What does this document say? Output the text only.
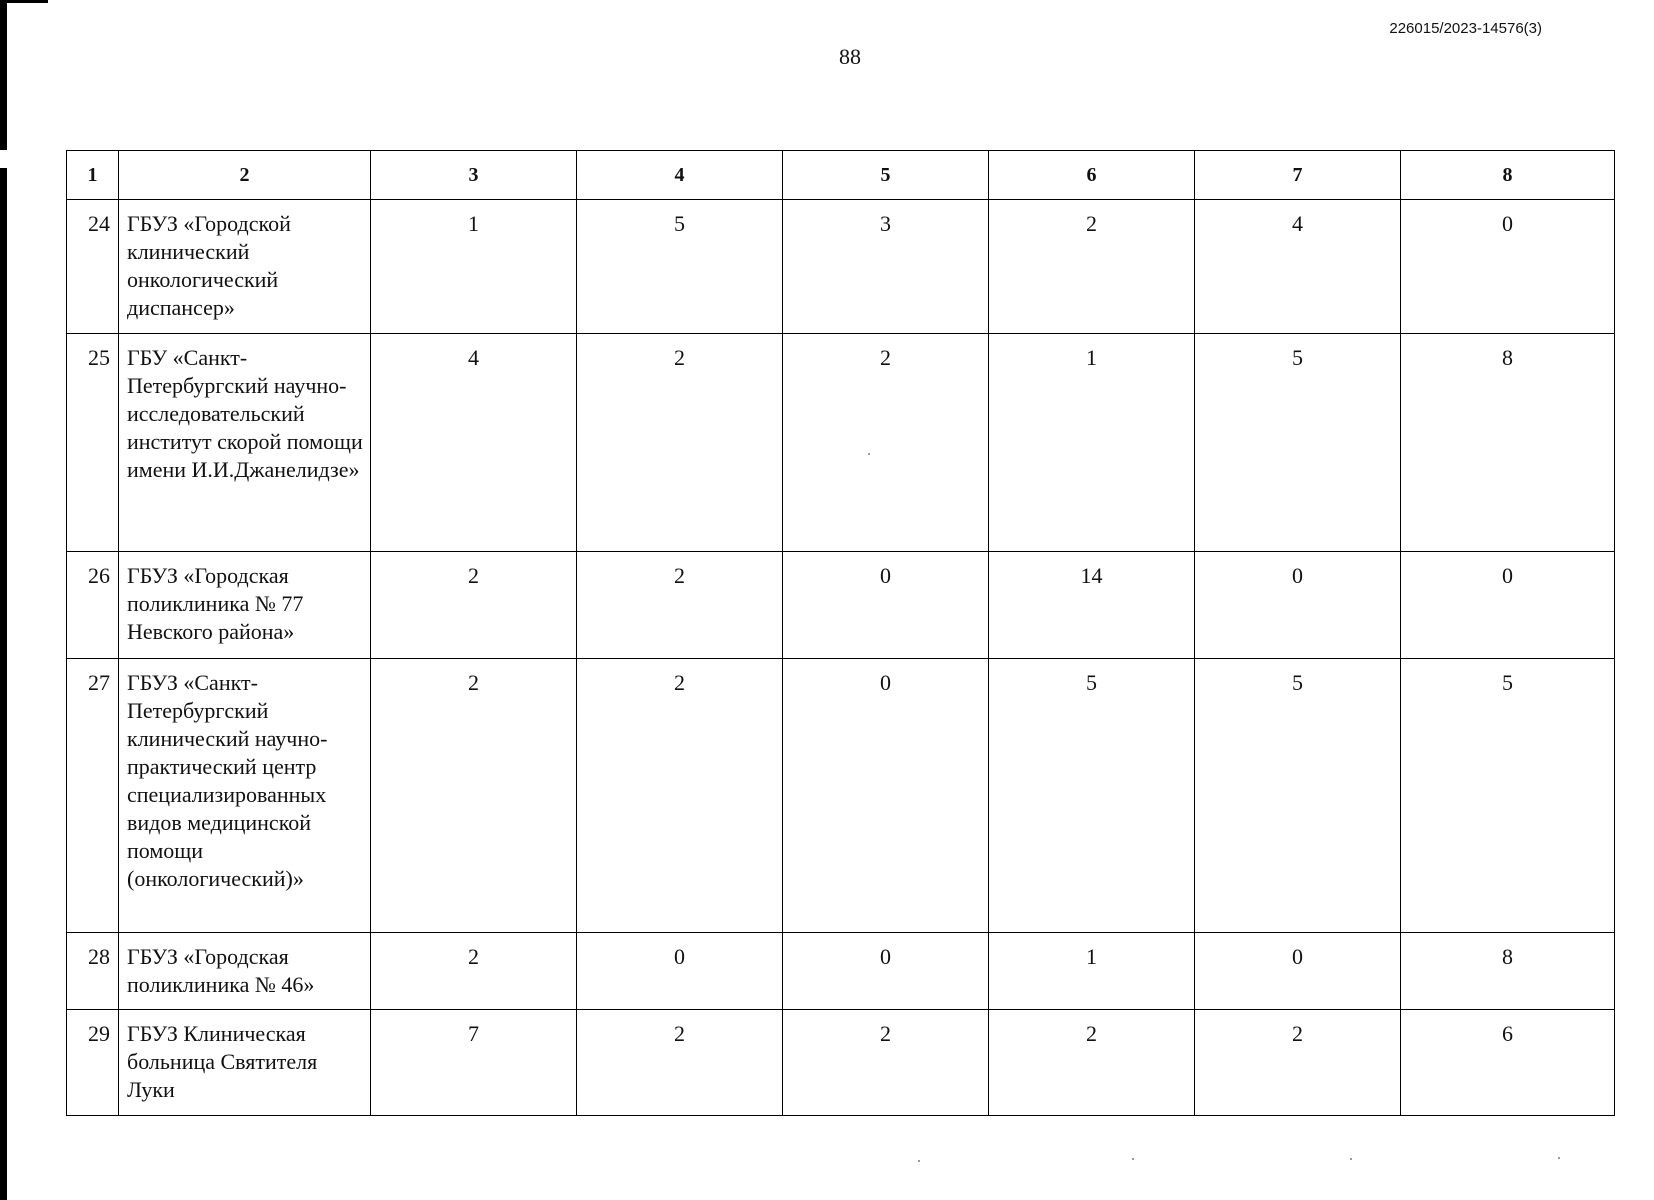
226015/2023-14576(3)
88
1	2	3	4	5	6	7	8
24	ГБУЗ «Городской клинический онкологический диспансер»	1	5	3	2	4	0
25	ГБУ «Санкт-Петербургский научно-исследовательский институт скорой помощи имени И.И.Джанелидзе»	4	2	2	1	5	8
26	ГБУЗ «Городская поликлиника № 77 Невского района»	2	2	0	14	0	0
27	ГБУЗ «Санкт-Петербургский клинический научно-практический центр специализированных видов медицинской помощи (онкологический)»	2	2	0	5	5	5
28	ГБУЗ «Городская поликлиника № 46»	2	0	0	1	0	8
29	ГБУЗ Клиническая больница Святителя Луки	7	2	2	2	2	6
